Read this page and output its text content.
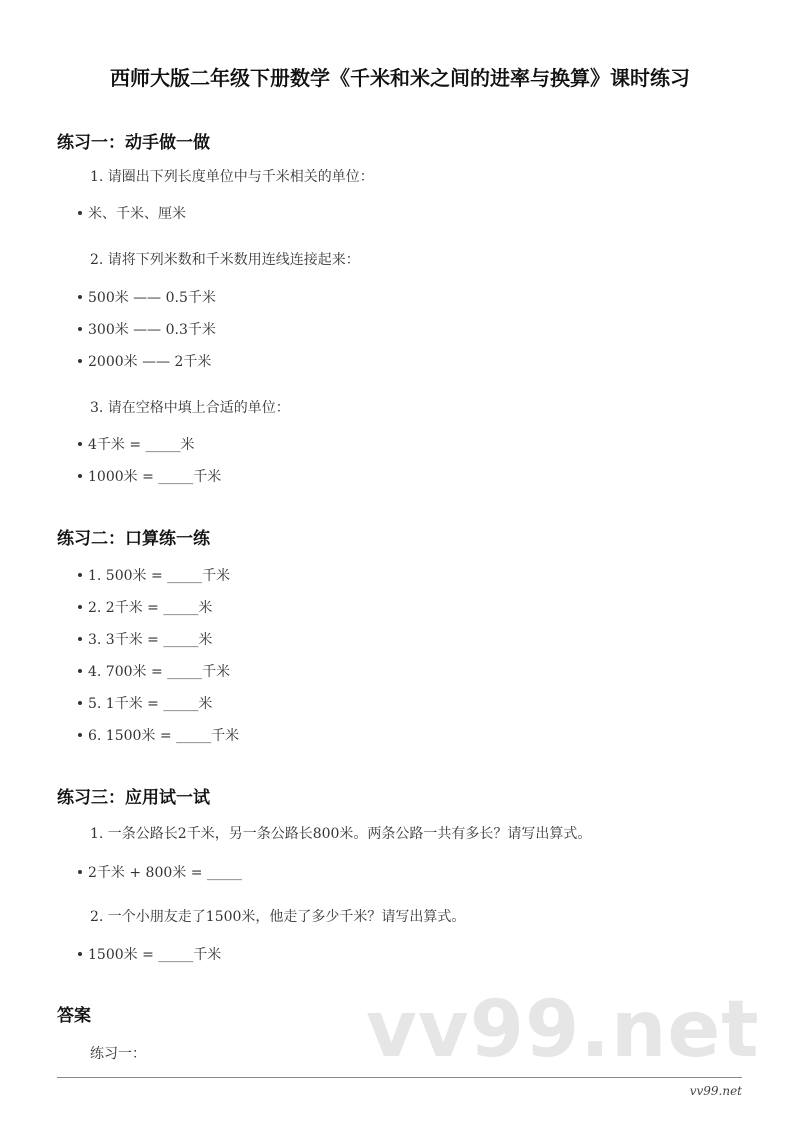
西师大版二年级下册数学《千米和米之间的进率与换算》课时练习
练习一：动手做一做
1. 请圈出下列长度单位中与千米相关的单位：
米、千米、厘米
2. 请将下列米数和千米数用连线连接起来：
500米 —— 0.5千米
300米 —— 0.3千米
2000米 —— 2千米
3. 请在空格中填上合适的单位：
4千米 = _____米
1000米 = _____千米
练习二：口算练一练
1. 500米 = _____千米
2. 2千米 = _____米
3. 3千米 = _____米
4. 700米 = _____千米
5. 1千米 = _____米
6. 1500米 = _____千米
练习三：应用试一试
1. 一条公路长2千米，另一条公路长800米。两条公路一共有多长？请写出算式。
2千米 + 800米 = _____
2. 一个小朋友走了1500米，他走了多少千米？请写出算式。
1500米 = _____千米
vv99.net
答案
练习一：
vv99.net
